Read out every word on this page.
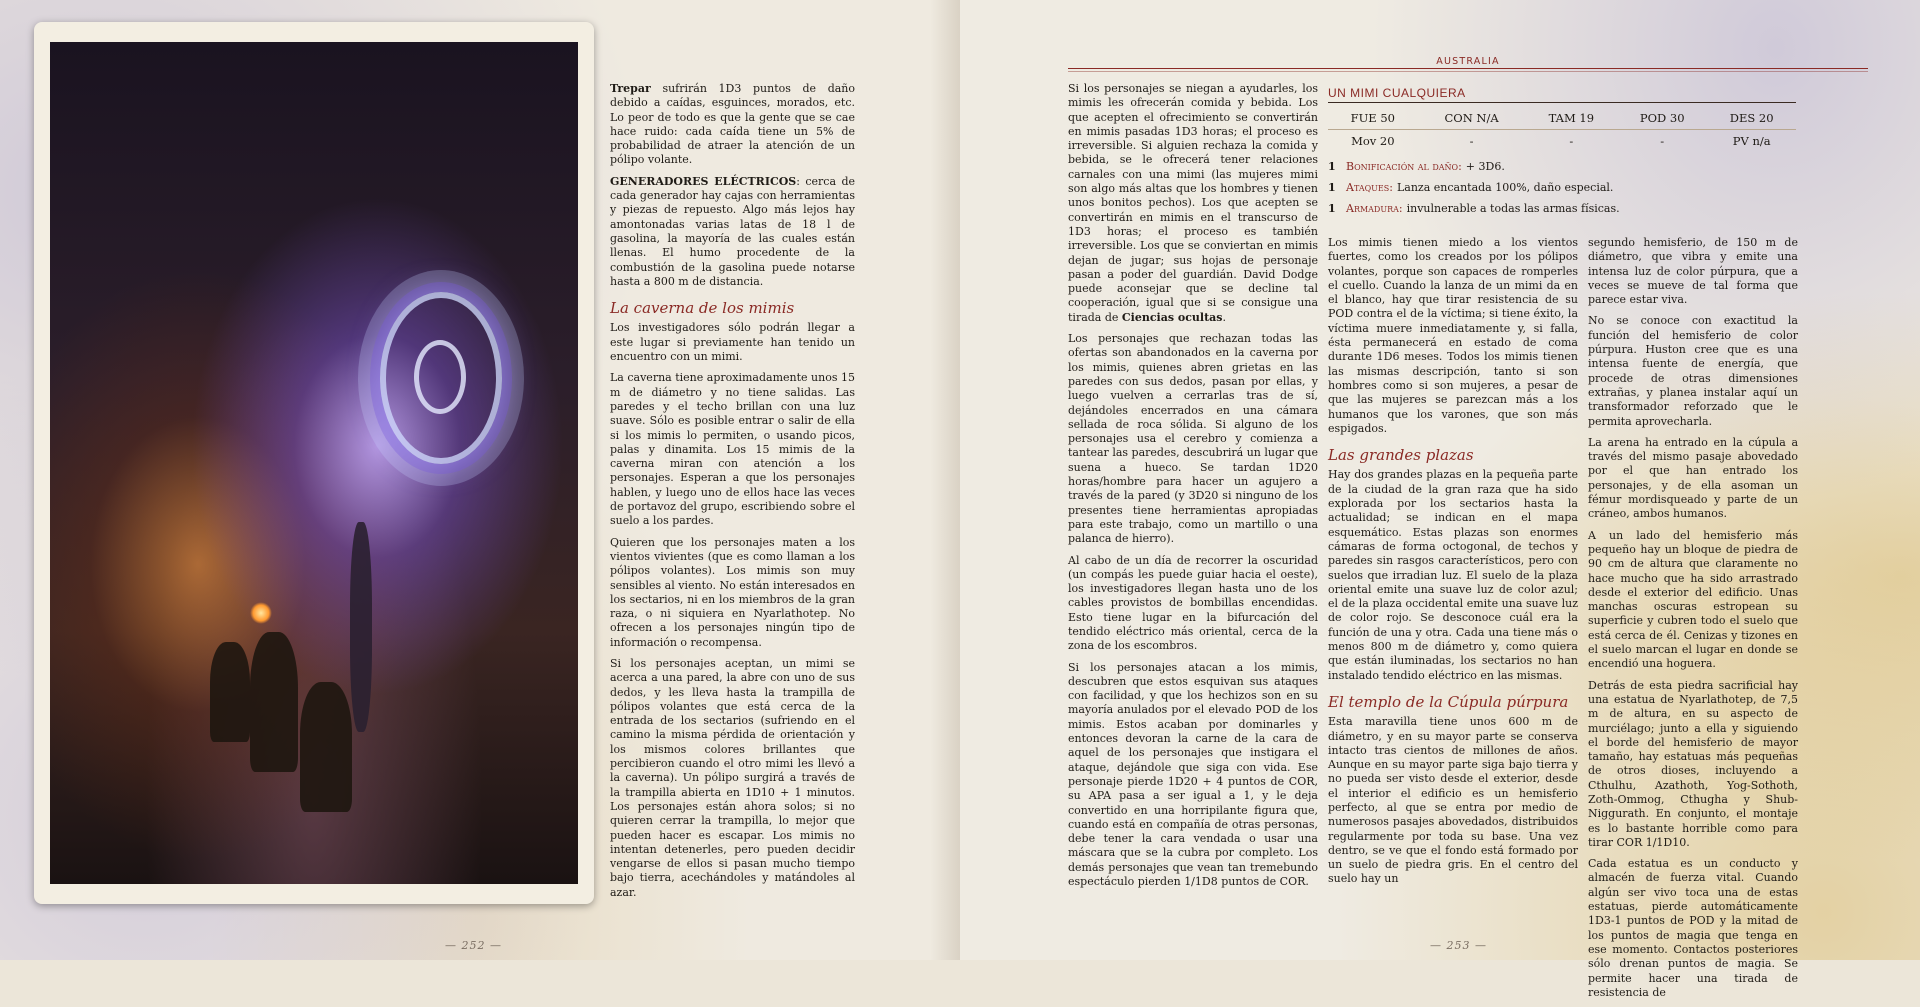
Trepar sufrirán 1D3 puntos de daño debido a caídas, esguinces, morados, etc. Lo peor de todo es que la gente que se cae hace ruido: cada caída tiene un 5% de probabilidad de atraer la atención de un pólipo volante.

GENERADORES ELÉCTRICOS: cerca de cada generador hay cajas con herramientas y piezas de repuesto. Algo más lejos hay amontonadas varias latas de 18 l de gasolina, la mayoría de las cuales están llenas. El humo procedente de la combustión de la gasolina puede notarse hasta a 800 m de distancia.

La caverna de los mimis

Los investigadores sólo podrán llegar a este lugar si previamente han tenido un encuentro con un mimi.

La caverna tiene aproximadamente unos 15 m de diámetro y no tiene salidas. Las paredes y el techo brillan con una luz suave. Sólo es posible entrar o salir de ella si los mimis lo permiten, o usando picos, palas y dinamita. Los 15 mimis de la caverna miran con atención a los personajes. Esperan a que los personajes hablen, y luego uno de ellos hace las veces de portavoz del grupo, escribiendo sobre el suelo a los pardes.

Quieren que los personajes maten a los vientos vivientes (que es como llaman a los pólipos volantes). Los mimis son muy sensibles al viento. No están interesados en los sectarios, ni en los miembros de la gran raza, o ni siquiera en Nyarlathotep. No ofrecen a los personajes ningún tipo de información o recompensa.

Si los personajes aceptan, un mimi se acerca a una pared, la abre con uno de sus dedos, y les lleva hasta la trampilla de pólipos volantes que está cerca de la entrada de los sectarios (sufriendo en el camino la misma pérdida de orientación y los mismos colores brillantes que percibieron cuando el otro mimi les llevó a la caverna). Un pólipo surgirá a través de la trampilla abierta en 1D10 + 1 minutos. Los personajes están ahora solos; si no quieren cerrar la trampilla, lo mejor que pueden hacer es escapar. Los mimis no intentan detenerles, pero pueden decidir vengarse de ellos si pasan mucho tiempo bajo tierra, acechándoles y matándoles al azar.

— 252 —
AUSTRALIA

Si los personajes se niegan a ayudarles, los mimis les ofrecerán comida y bebida. Los que acepten el ofrecimiento se convertirán en mimis pasadas 1D3 horas; el proceso es irreversible. Si alguien rechaza la comida y bebida, se le ofrecerá tener relaciones carnales con una mimi (las mujeres mimi son algo más altas que los hombres y tienen unos bonitos pechos). Los que acepten se convertirán en mimis en el transcurso de 1D3 horas; el proceso es también irreversible. Los que se conviertan en mimis dejan de jugar; sus hojas de personaje pasan a poder del guardián. David Dodge puede aconsejar que se decline tal cooperación, igual que si se consigue una tirada de Ciencias ocultas.

Los personajes que rechazan todas las ofertas son abandonados en la caverna por los mimis, quienes abren grietas en las paredes con sus dedos, pasan por ellas, y luego vuelven a cerrarlas tras de sí, dejándoles encerrados en una cámara sellada de roca sólida. Si alguno de los personajes usa el cerebro y comienza a tantear las paredes, descubrirá un lugar que suena a hueco. Se tardan 1D20 horas/hombre para hacer un agujero a través de la pared (y 3D20 si ninguno de los presentes tiene herramientas apropiadas para este trabajo, como un martillo o una palanca de hierro).

Al cabo de un día de recorrer la oscuridad (un compás les puede guiar hacia el oeste), los investigadores llegan hasta uno de los cables provistos de bombillas encendidas. Esto tiene lugar en la bifurcación del tendido eléctrico más oriental, cerca de la zona de los escombros.

Si los personajes atacan a los mimis, descubren que estos esquivan sus ataques con facilidad, y que los hechizos son en su mayoría anulados por el elevado POD de los mimis. Estos acaban por dominarles y entonces devoran la carne de la cara de aquel de los personajes que instigara el ataque, dejándole que siga con vida. Ese personaje pierde 1D20 + 4 puntos de COR, su APA pasa a ser igual a 1, y le deja convertido en una horripilante figura que, cuando está en compañía de otras personas, debe tener la cara vendada o usar una máscara que se la cubra por completo. Los demás personajes que vean tan tremebundo espectáculo pierden 1/1D8 puntos de COR.

UN MIMI CUALQUIERA
FUE 50	CON N/A	TAM 19	POD 30	DES 20
Mov 20	-	-	-	PV n/a
1 Bonificación al daño: + 3D6.
1 Ataques: Lanza encantada 100%, daño especial.
1 Armadura: invulnerable a todas las armas físicas.

Los mimis tienen miedo a los vientos fuertes, como los creados por los pólipos volantes, porque son capaces de romperles el cuello. Cuando la lanza de un mimi da en el blanco, hay que tirar resistencia de su POD contra el de la víctima; si tiene éxito, la víctima muere inmediatamente y, si falla, ésta permanecerá en estado de coma durante 1D6 meses. Todos los mimis tienen las mismas descripción, tanto si son hombres como si son mujeres, a pesar de que las mujeres se parezcan más a los humanos que los varones, que son más espigados.

Las grandes plazas

Hay dos grandes plazas en la pequeña parte de la ciudad de la gran raza que ha sido explorada por los sectarios hasta la actualidad; se indican en el mapa esquemático. Estas plazas son enormes cámaras de forma octogonal, de techos y paredes sin rasgos característicos, pero con suelos que irradian luz. El suelo de la plaza oriental emite una suave luz de color azul; el de la plaza occidental emite una suave luz de color rojo. Se desconoce cuál era la función de una y otra. Cada una tiene más o menos 800 m de diámetro y, como quiera que están iluminadas, los sectarios no han instalado tendido eléctrico en las mismas.

El templo de la Cúpula púrpura

Esta maravilla tiene unos 600 m de diámetro, y en su mayor parte se conserva intacto tras cientos de millones de años. Aunque en su mayor parte siga bajo tierra y no pueda ser visto desde el exterior, desde el interior el edificio es un hemisferio perfecto, al que se entra por medio de numerosos pasajes abovedados, distribuidos regularmente por toda su base. Una vez dentro, se ve que el fondo está formado por un suelo de piedra gris. En el centro del suelo hay un

segundo hemisferio, de 150 m de diámetro, que vibra y emite una intensa luz de color púrpura, que a veces se mueve de tal forma que parece estar viva.

No se conoce con exactitud la función del hemisferio de color púrpura. Huston cree que es una intensa fuente de energía, que procede de otras dimensiones extrañas, y planea instalar aquí un transformador reforzado que le permita aprovecharla.

La arena ha entrado en la cúpula a través del mismo pasaje abovedado por el que han entrado los personajes, y de ella asoman un fémur mordisqueado y parte de un cráneo, ambos humanos.

A un lado del hemisferio más pequeño hay un bloque de piedra de 90 cm de altura que claramente no hace mucho que ha sido arrastrado desde el exterior del edificio. Unas manchas oscuras estropean su superficie y cubren todo el suelo que está cerca de él. Cenizas y tizones en el suelo marcan el lugar en donde se encendió una hoguera.

Detrás de esta piedra sacrificial hay una estatua de Nyarlathotep, de 7,5 m de altura, en su aspecto de murciélago; junto a ella y siguiendo el borde del hemisferio de mayor tamaño, hay estatuas más pequeñas de otros dioses, incluyendo a Cthulhu, Azathoth, Yog-Sothoth, Zoth-Ommog, Cthugha y Shub-Niggurath. En conjunto, el montaje es lo bastante horrible como para tirar COR 1/1D10.

Cada estatua es un conducto y almacén de fuerza vital. Cuando algún ser vivo toca una de estas estatuas, pierde automáticamente 1D3-1 puntos de POD y la mitad de los puntos de magia que tenga en ese momento. Contactos posteriores sólo drenan puntos de magia. Se permite hacer una tirada de resistencia de

— 253 —
